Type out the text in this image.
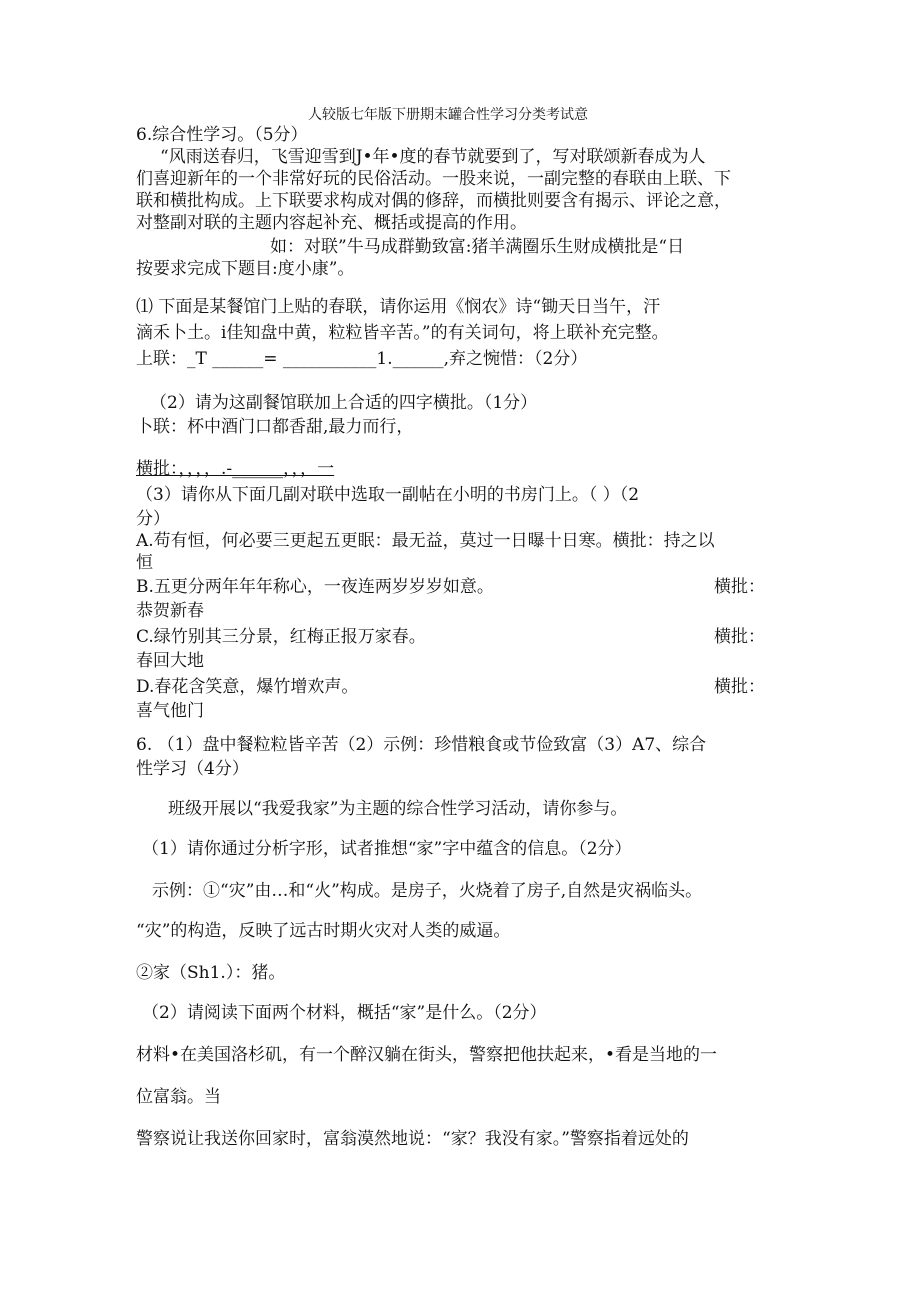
人较版七年版下册期末罐合性学习分类考试意
6.综合性学习。（5分）
“风雨送春归，飞雪迎雪到J•年•度的春节就要到了，写对联颂新春成为人
们喜迎新年的一个非常好玩的民俗活动。一股来说，一副完整的春联由上联、下
联和横批构成。上下联要求构成对偶的修辞，而横批则要含有揭示、评论之意，
对整副对联的主题内容起补充、概括或提高的作用。
如：对联”牛马成群勤致富:猪羊满圈乐生财成横批是“日
按要求完成下题目:度小康”。
⑴ 下面是某餐馆门上贴的春联，请你运用《悯农》诗“锄天日当午，汗
滴禾卜土。i佳知盘中黄，粒粒皆辛苦。”的有关词句，将上联补充完整。
上联：_T ______= ___________1.______,弃之惋惜：（2分）
（2）请为这副餐馆联加上合适的四字横批。（1分）
卜联：杯中酒门口都香甜,最力而行，
横批：，，，，.-______，，，一
（3）请你从下面几副对联中选取一副帖在小明的书房门上。（ ）（2
分）
A.苟有恒，何必要三更起五更眠：最无益，莫过一日曝十日寒。横批：持之以
恒
B.五更分两年年年称心，一夜连两岁岁岁如意。	横批：
恭贺新春
C.绿竹别其三分景，红梅正报万家春。	横批：
春回大地
D.春花含笑意，爆竹增欢声。	横批：
喜气他门
6. （1）盘中餐粒粒皆辛苦（2）示例：珍惜粮食或节俭致富（3）A7、综合
性学习（4分）
班级开展以“我爱我家”为主题的综合性学习活动，请你参与。
（1）请你通过分析字形，试者推想“家”字中蕴含的信息。（2分）
示例：①“灾”由…和“火”构成。是房子，火烧着了房子,自然是灾祸临头。
“灾”的构造，反映了远古时期火灾对人类的威逼。
②家（Sh1.）：猪。
（2）请阅读下面两个材料，概括“家”是什么。（2分）
材料•在美国洛杉矶，有一个醉汉躺在街头，警察把他扶起来，•看是当地的一
位富翁。当
警察说让我送你回家时，富翁漠然地说：“家？我没有家。”警察指着远处的
